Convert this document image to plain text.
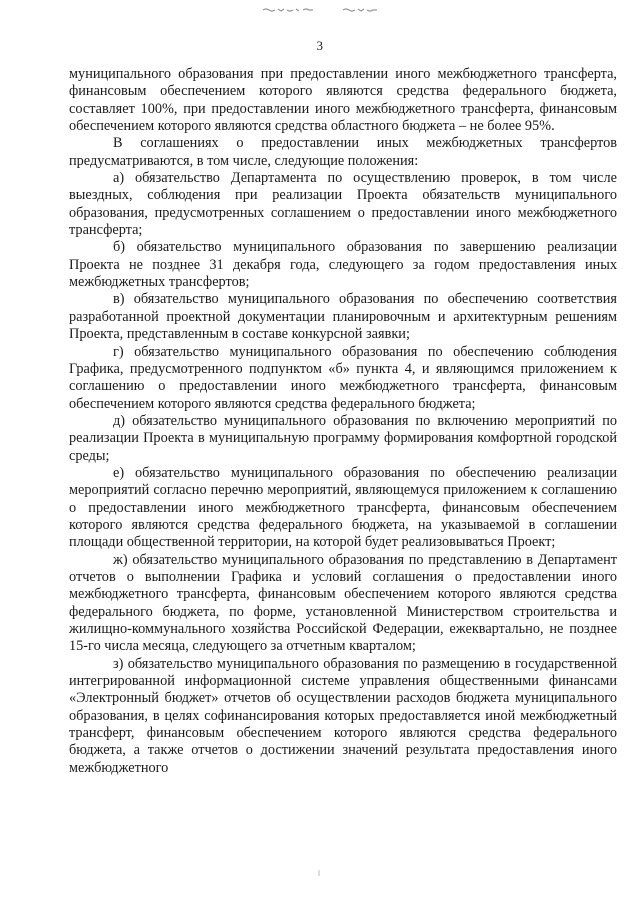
3

муниципального образования при предоставлении иного межбюджетного трансферта, финансовым обеспечением которого являются средства федерального бюджета, составляет 100%, при предоставлении иного межбюджетного трансферта, финансовым обеспечением которого являются средства областного бюджета – не более 95%.

В соглашениях о предоставлении иных межбюджетных трансфертов предусматриваются, в том числе, следующие положения:

а) обязательство Департамента по осуществлению проверок, в том числе выездных, соблюдения при реализации Проекта обязательств муниципального образования, предусмотренных соглашением о предоставлении иного межбюджетного трансферта;

б) обязательство муниципального образования по завершению реализации Проекта не позднее 31 декабря года, следующего за годом предоставления иных межбюджетных трансфертов;

в) обязательство муниципального образования по обеспечению соответствия разработанной проектной документации планировочным и архитектурным решениям Проекта, представленным в составе конкурсной заявки;

г) обязательство муниципального образования по обеспечению соблюдения Графика, предусмотренного подпунктом «б» пункта 4, и являющимся приложением к соглашению о предоставлении иного межбюджетного трансферта, финансовым обеспечением которого являются средства федерального бюджета;

д) обязательство муниципального образования по включению мероприятий по реализации Проекта в муниципальную программу формирования комфортной городской среды;

е) обязательство муниципального образования по обеспечению реализации мероприятий согласно перечню мероприятий, являющемуся приложением к соглашению о предоставлении иного межбюджетного трансферта, финансовым обеспечением которого являются средства федерального бюджета, на указываемой в соглашении площади общественной территории, на которой будет реализовываться Проект;

ж) обязательство муниципального образования по представлению в Департамент отчетов о выполнении Графика и условий соглашения о предоставлении иного межбюджетного трансферта, финансовым обеспечением которого являются средства федерального бюджета, по форме, установленной Министерством строительства и жилищно-коммунального хозяйства Российской Федерации, ежеквартально, не позднее 15-го числа месяца, следующего за отчетным кварталом;

з) обязательство муниципального образования по размещению в государственной интегрированной информационной системе управления общественными финансами «Электронный бюджет» отчетов об осуществлении расходов бюджета муниципального образования, в целях софинансирования которых предоставляется иной межбюджетный трансферт, финансовым обеспечением которого являются средства федерального бюджета, а также отчетов о достижении значений результата предоставления иного межбюджетного
